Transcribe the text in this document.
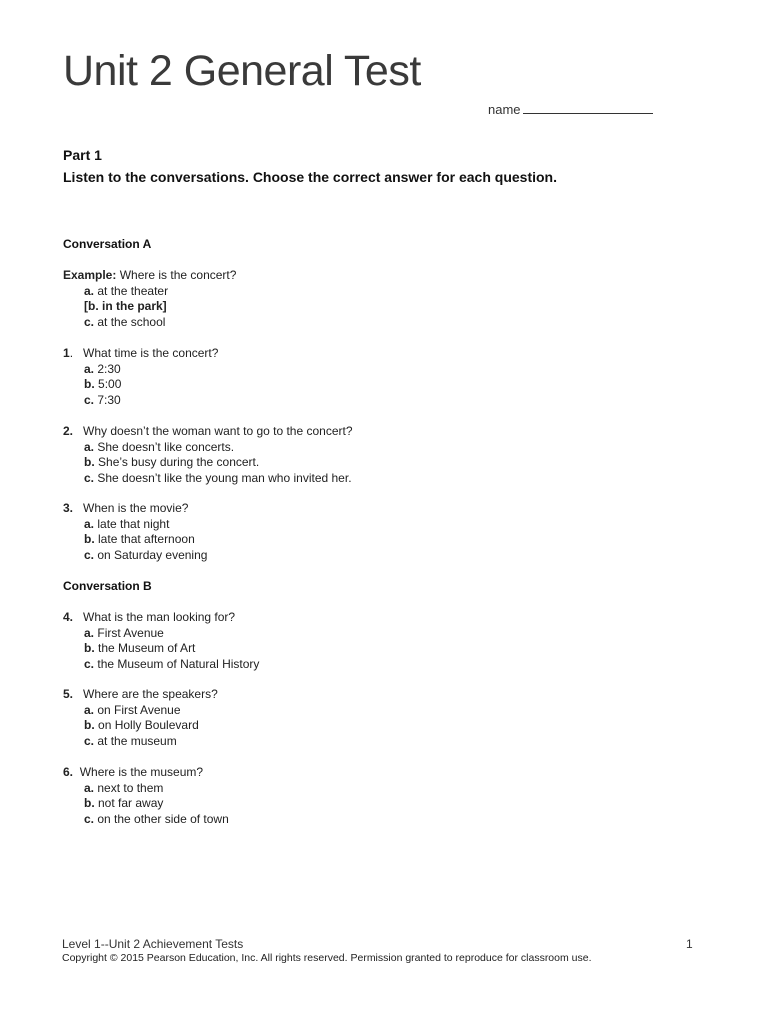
Unit 2 General Test
name
Part 1
Listen to the conversations. Choose the correct answer for each question.
Conversation A
Example: Where is the concert?
a. at the theater
[b. in the park]
c. at the school
1. What time is the concert?
a. 2:30
b. 5:00
c. 7:30
2. Why doesn’t the woman want to go to the concert?
a. She doesn’t like concerts.
b. She’s busy during the concert.
c. She doesn’t like the young man who invited her.
3. When is the movie?
a. late that night
b. late that afternoon
c. on Saturday evening
Conversation B
4. What is the man looking for?
a. First Avenue
b. the Museum of Art
c. the Museum of Natural History
5. Where are the speakers?
a. on First Avenue
b. on Holly Boulevard
c. at the museum
6. Where is the museum?
a. next to them
b. not far away
c. on the other side of town
Level 1--Unit 2 Achievement Tests	1
Copyright © 2015 Pearson Education, Inc. All rights reserved. Permission granted to reproduce for classroom use.
